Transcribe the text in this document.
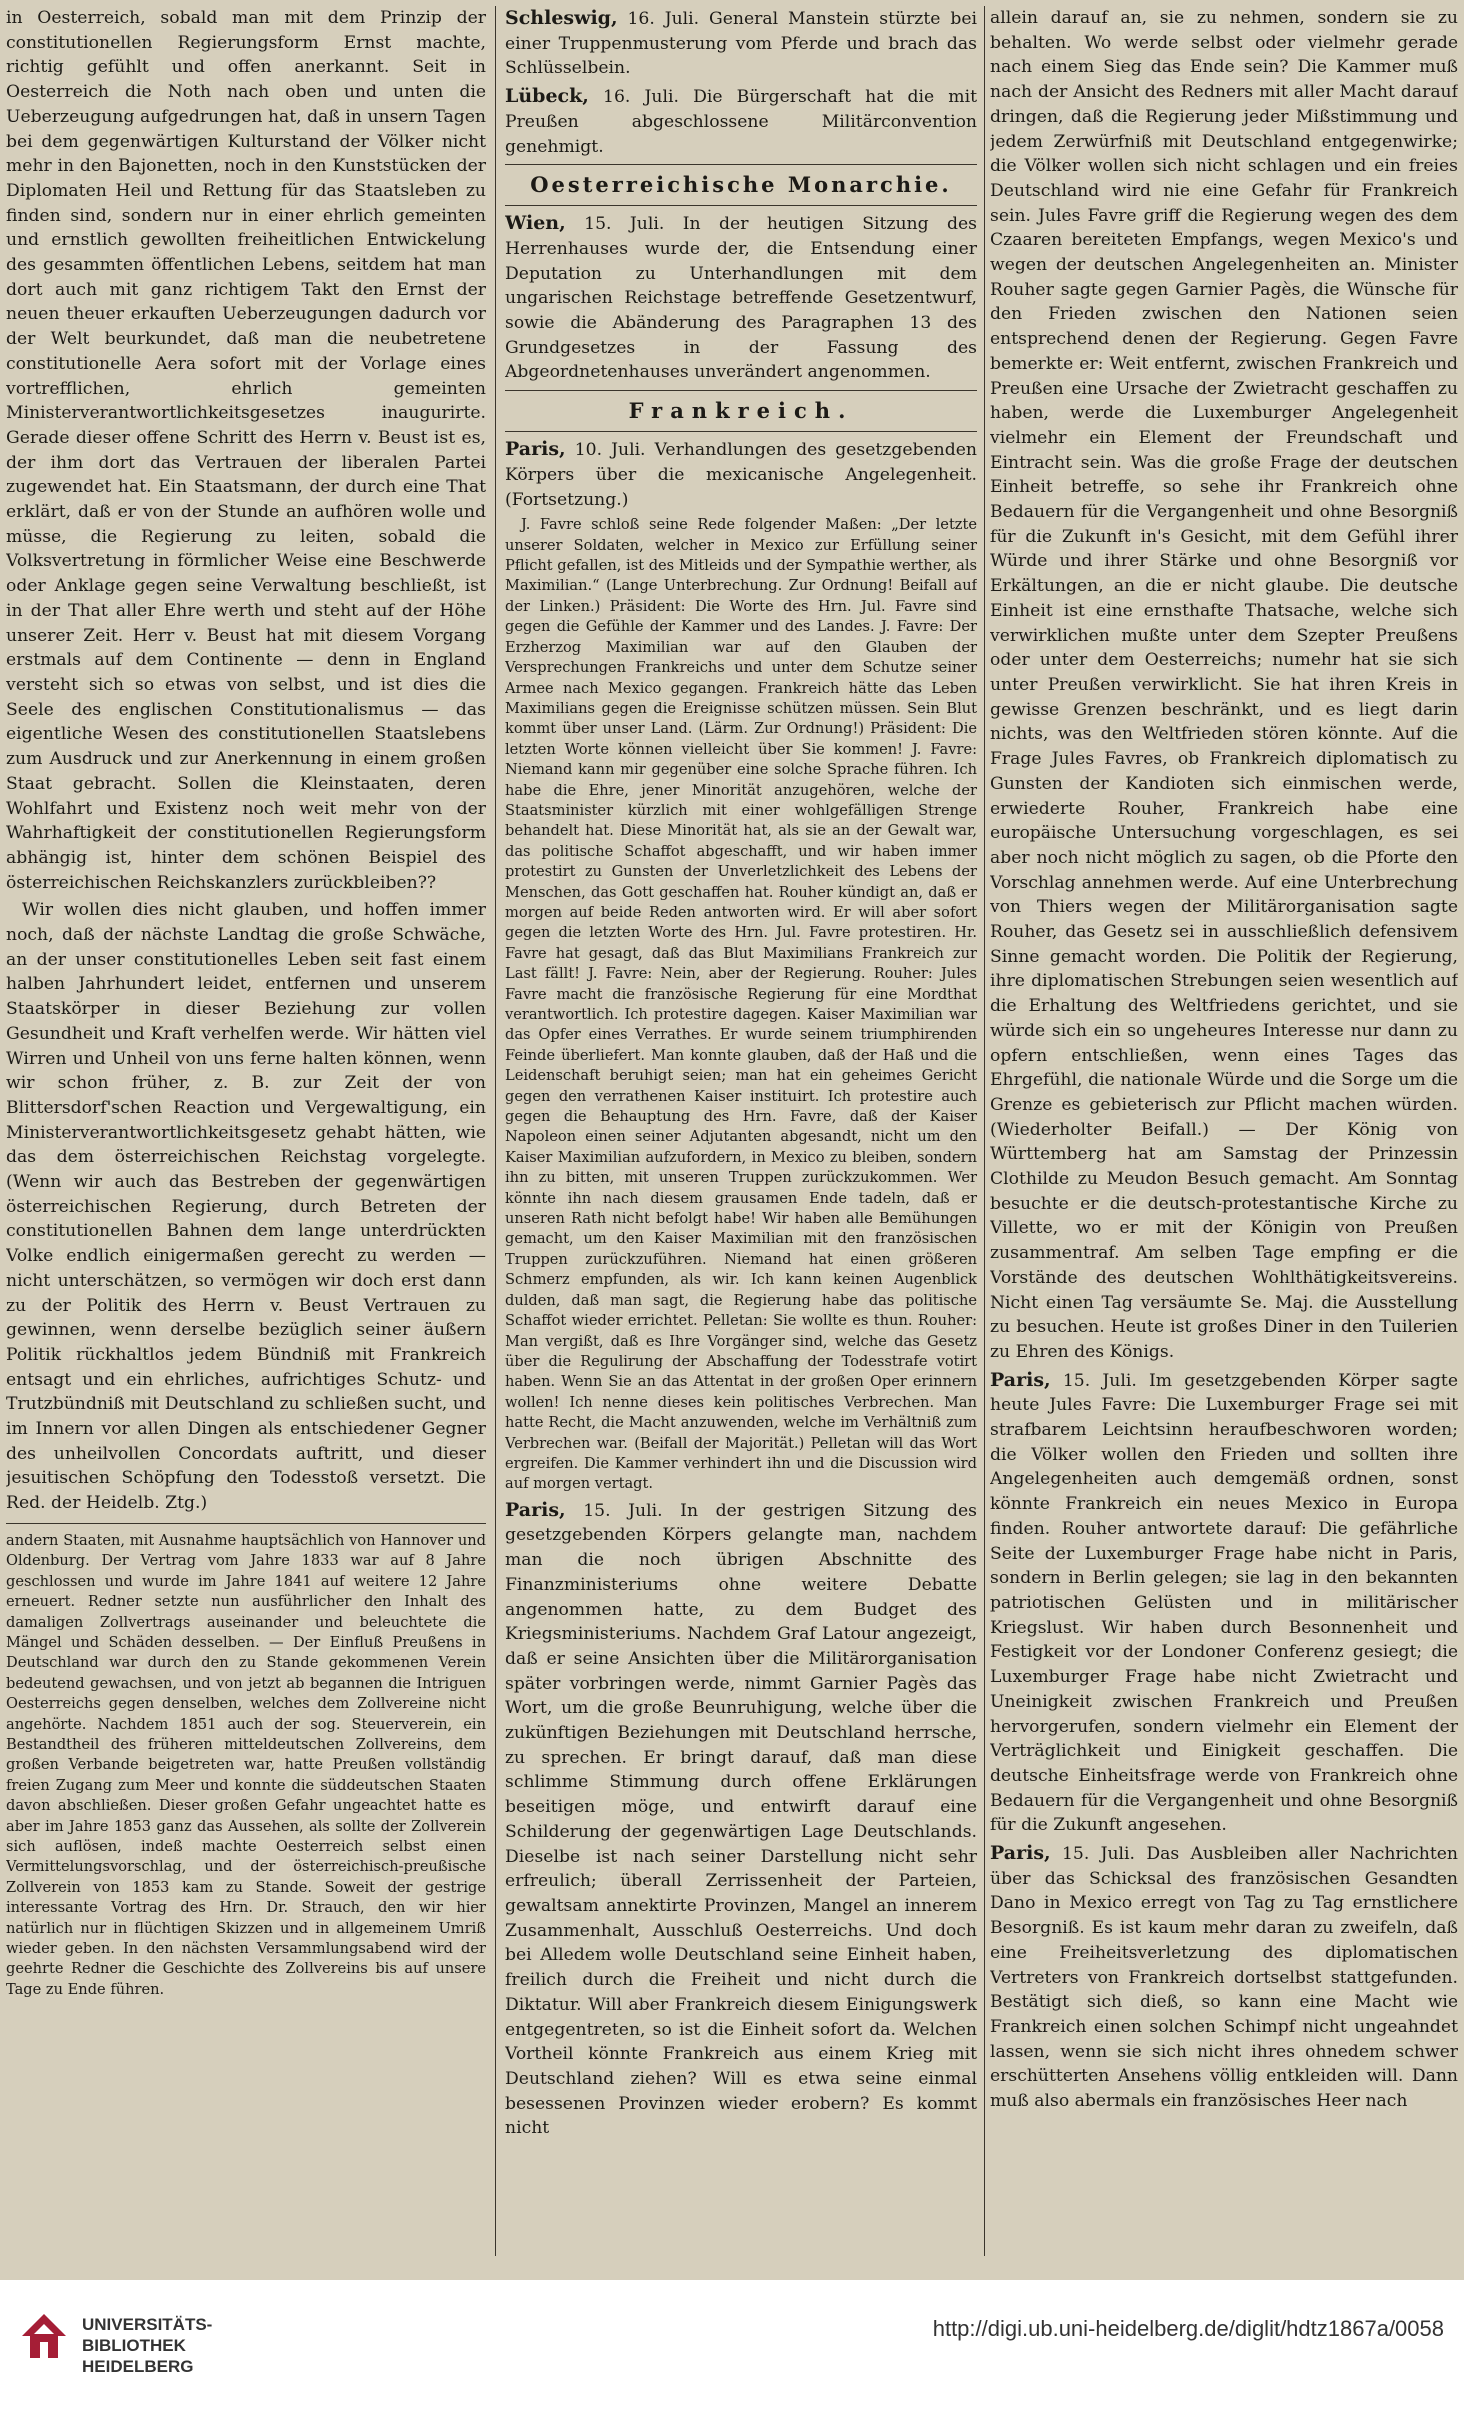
in Oesterreich, sobald man mit dem Prinzip der constitutionellen Regierungsform Ernst machte, richtig gefühlt und offen anerkannt. Seit in Oesterreich die Noth nach oben und unten die Ueberzeugung aufgedrungen hat, daß in unsern Tagen bei dem gegenwärtigen Kulturstand der Völker nicht mehr in den Bajonetten, noch in den Kunststücken der Diplomaten Heil und Rettung für das Staatsleben zu finden sind, sondern nur in einer ehrlich gemeinten und ernstlich gewollten freiheitlichen Entwickelung des gesammten öffentlichen Lebens, seitdem hat man dort auch mit ganz richtigem Takt den Ernst der neuen theuer erkauften Ueberzeugungen dadurch vor der Welt beurkundet, daß man die neubetretene constitutionelle Aera sofort mit der Vorlage eines vortrefflichen, ehrlich gemeinten Ministerverantwortlichkeitsgesetzes inaugurirte. Gerade dieser offene Schritt des Herrn v. Beust ist es, der ihm dort das Vertrauen der liberalen Partei zugewendet hat. Ein Staatsmann, der durch eine That erklärt, daß er von der Stunde an aufhören wolle und müsse, die Regierung zu leiten, sobald die Volksvertretung in förmlicher Weise eine Beschwerde oder Anklage gegen seine Verwaltung beschließt, ist in der That aller Ehre werth und steht auf der Höhe unserer Zeit. Herr v. Beust hat mit diesem Vorgang erstmals auf dem Continente — denn in England versteht sich so etwas von selbst, und ist dies die Seele des englischen Constitutionalismus — das eigentliche Wesen des constitutionellen Staatslebens zum Ausdruck und zur Anerkennung in einem großen Staat gebracht. Sollen die Kleinstaaten, deren Wohlfahrt und Existenz noch weit mehr von der Wahrhaftigkeit der constitutionellen Regierungsform abhängig ist, hinter dem schönen Beispiel des österreichischen Reichskanzlers zurückbleiben??

Wir wollen dies nicht glauben, und hoffen immer noch, daß der nächste Landtag die große Schwäche, an der unser constitutionelles Leben seit fast einem halben Jahrhundert leidet, entfernen und unserem Staatskörper in dieser Beziehung zur vollen Gesundheit und Kraft verhelfen werde. Wir hätten viel Wirren und Unheil von uns ferne halten können, wenn wir schon früher, z. B. zur Zeit der von Blittersdorf'schen Reaction und Vergewaltigung, ein Ministerverantwortlichkeitsgesetz gehabt hätten, wie das dem österreichischen Reichstag vorgelegte. (Wenn wir auch das Bestreben der gegenwärtigen österreichischen Regierung, durch Betreten der constitutionellen Bahnen dem lange unterdrückten Volke endlich einigermaßen gerecht zu werden — nicht unterschätzen, so vermögen wir doch erst dann zu der Politik des Herrn v. Beust Vertrauen zu gewinnen, wenn derselbe bezüglich seiner äußern Politik rückhaltlos jedem Bündniß mit Frankreich entsagt und ein ehrliches, aufrichtiges Schutz- und Trutzbündniß mit Deutschland zu schließen sucht, und im Innern vor allen Dingen als entschiedener Gegner des unheilvollen Concordats auftritt, und dieser jesuitischen Schöpfung den Todesstoß versetzt. Die Red. der Heidelb. Ztg.)

andern Staaten, mit Ausnahme hauptsächlich von Hannover und Oldenburg. Der Vertrag vom Jahre 1833 war auf 8 Jahre geschlossen und wurde im Jahre 1841 auf weitere 12 Jahre erneuert. Redner setzte nun ausführlicher den Inhalt des damaligen Zollvertrags auseinander und beleuchtete die Mängel und Schäden desselben. — Der Einfluß Preußens in Deutschland war durch den zu Stande gekommenen Verein bedeutend gewachsen, und von jetzt ab begannen die Intriguen Oesterreichs gegen denselben, welches dem Zollvereine nicht angehörte. Nachdem 1851 auch der sog. Steuerverein, ein Bestandtheil des früheren mitteldeutschen Zollvereins, dem großen Verbande beigetreten war, hatte Preußen vollständig freien Zugang zum Meer und konnte die süddeutschen Staaten davon abschließen. Dieser großen Gefahr ungeachtet hatte es aber im Jahre 1853 ganz das Aussehen, als sollte der Zollverein sich auflösen, indeß machte Oesterreich selbst einen Vermittelungsvorschlag, und der österreichisch-preußische Zollverein von 1853 kam zu Stande. Soweit der gestrige interessante Vortrag des Hrn. Dr. Strauch, den wir hier natürlich nur in flüchtigen Skizzen und in allgemeinem Umriß wieder geben. In den nächsten Versammlungsabend wird der geehrte Redner die Geschichte des Zollvereins bis auf unsere Tage zu Ende führen.

Schleswig, 16. Juli. General Manstein stürzte bei einer Truppenmusterung vom Pferde und brach das Schlüsselbein.

Lübeck, 16. Juli. Die Bürgerschaft hat die mit Preußen abgeschlossene Militärconvention genehmigt.

Oesterreichische Monarchie.

Wien, 15. Juli. In der heutigen Sitzung des Herrenhauses wurde der, die Entsendung einer Deputation zu Unterhandlungen mit dem ungarischen Reichstage betreffende Gesetzentwurf, sowie die Abänderung des Paragraphen 13 des Grundgesetzes in der Fassung des Abgeordnetenhauses unverändert angenommen.

Frankreich.

Paris, 10. Juli. Verhandlungen des gesetzgebenden Körpers über die mexicanische Angelegenheit. (Fortsetzung.)

J. Favre schloß seine Rede folgender Maßen: „Der letzte unserer Soldaten, welcher in Mexico zur Erfüllung seiner Pflicht gefallen, ist des Mitleids und der Sympathie werther, als Maximilian.“ (Lange Unterbrechung. Zur Ordnung! Beifall auf der Linken.) Präsident: Die Worte des Hrn. Jul. Favre sind gegen die Gefühle der Kammer und des Landes. J. Favre: Der Erzherzog Maximilian war auf den Glauben der Versprechungen Frankreichs und unter dem Schutze seiner Armee nach Mexico gegangen. Frankreich hätte das Leben Maximilians gegen die Ereignisse schützen müssen. Sein Blut kommt über unser Land. (Lärm. Zur Ordnung!) Präsident: Die letzten Worte können vielleicht über Sie kommen! J. Favre: Niemand kann mir gegenüber eine solche Sprache führen. Ich habe die Ehre, jener Minorität anzugehören, welche der Staatsminister kürzlich mit einer wohlgefälligen Strenge behandelt hat. Diese Minorität hat, als sie an der Gewalt war, das politische Schaffot abgeschafft, und wir haben immer protestirt zu Gunsten der Unverletzlichkeit des Lebens der Menschen, das Gott geschaffen hat. Rouher kündigt an, daß er morgen auf beide Reden antworten wird. Er will aber sofort gegen die letzten Worte des Hrn. Jul. Favre protestiren. Hr. Favre hat gesagt, daß das Blut Maximilians Frankreich zur Last fällt! J. Favre: Nein, aber der Regierung. Rouher: Jules Favre macht die französische Regierung für eine Mordthat verantwortlich. Ich protestire dagegen. Kaiser Maximilian war das Opfer eines Verrathes. Er wurde seinem triumphirenden Feinde überliefert. Man konnte glauben, daß der Haß und die Leidenschaft beruhigt seien; man hat ein geheimes Gericht gegen den verrathenen Kaiser instituirt. Ich protestire auch gegen die Behauptung des Hrn. Favre, daß der Kaiser Napoleon einen seiner Adjutanten abgesandt, nicht um den Kaiser Maximilian aufzufordern, in Mexico zu bleiben, sondern ihn zu bitten, mit unseren Truppen zurückzukommen. Wer könnte ihn nach diesem grausamen Ende tadeln, daß er unseren Rath nicht befolgt habe! Wir haben alle Bemühungen gemacht, um den Kaiser Maximilian mit den französischen Truppen zurückzuführen. Niemand hat einen größeren Schmerz empfunden, als wir. Ich kann keinen Augenblick dulden, daß man sagt, die Regierung habe das politische Schaffot wieder errichtet. Pelletan: Sie wollte es thun. Rouher: Man vergißt, daß es Ihre Vorgänger sind, welche das Gesetz über die Regulirung der Abschaffung der Todesstrafe votirt haben. Wenn Sie an das Attentat in der großen Oper erinnern wollen! Ich nenne dieses kein politisches Verbrechen. Man hatte Recht, die Macht anzuwenden, welche im Verhältniß zum Verbrechen war. (Beifall der Majorität.) Pelletan will das Wort ergreifen. Die Kammer verhindert ihn und die Discussion wird auf morgen vertagt.

Paris, 15. Juli. In der gestrigen Sitzung des gesetzgebenden Körpers gelangte man, nachdem man die noch übrigen Abschnitte des Finanzministeriums ohne weitere Debatte angenommen hatte, zu dem Budget des Kriegsministeriums. Nachdem Graf Latour angezeigt, daß er seine Ansichten über die Militärorganisation später vorbringen werde, nimmt Garnier Pagès das Wort, um die große Beunruhigung, welche über die zukünftigen Beziehungen mit Deutschland herrsche, zu sprechen. Er bringt darauf, daß man diese schlimme Stimmung durch offene Erklärungen beseitigen möge, und entwirft darauf eine Schilderung der gegenwärtigen Lage Deutschlands. Dieselbe ist nach seiner Darstellung nicht sehr erfreulich; überall Zerrissenheit der Parteien, gewaltsam annektirte Provinzen, Mangel an innerem Zusammenhalt, Ausschluß Oesterreichs. Und doch bei Alledem wolle Deutschland seine Einheit haben, freilich durch die Freiheit und nicht durch die Diktatur. Will aber Frankreich diesem Einigungswerk entgegentreten, so ist die Einheit sofort da. Welchen Vortheil könnte Frankreich aus einem Krieg mit Deutschland ziehen? Will es etwa seine einmal besessenen Provinzen wieder erobern? Es kommt nicht

allein darauf an, sie zu nehmen, sondern sie zu behalten. Wo werde selbst oder vielmehr gerade nach einem Sieg das Ende sein? Die Kammer muß nach der Ansicht des Redners mit aller Macht darauf dringen, daß die Regierung jeder Mißstimmung und jedem Zerwürfniß mit Deutschland entgegenwirke; die Völker wollen sich nicht schlagen und ein freies Deutschland wird nie eine Gefahr für Frankreich sein. Jules Favre griff die Regierung wegen des dem Czaaren bereiteten Empfangs, wegen Mexico's und wegen der deutschen Angelegenheiten an. Minister Rouher sagte gegen Garnier Pagès, die Wünsche für den Frieden zwischen den Nationen seien entsprechend denen der Regierung. Gegen Favre bemerkte er: Weit entfernt, zwischen Frankreich und Preußen eine Ursache der Zwietracht geschaffen zu haben, werde die Luxemburger Angelegenheit vielmehr ein Element der Freundschaft und Eintracht sein. Was die große Frage der deutschen Einheit betreffe, so sehe ihr Frankreich ohne Bedauern für die Vergangenheit und ohne Besorgniß für die Zukunft in's Gesicht, mit dem Gefühl ihrer Würde und ihrer Stärke und ohne Besorgniß vor Erkältungen, an die er nicht glaube. Die deutsche Einheit ist eine ernsthafte Thatsache, welche sich verwirklichen mußte unter dem Szepter Preußens oder unter dem Oesterreichs; numehr hat sie sich unter Preußen verwirklicht. Sie hat ihren Kreis in gewisse Grenzen beschränkt, und es liegt darin nichts, was den Weltfrieden stören könnte. Auf die Frage Jules Favres, ob Frankreich diplomatisch zu Gunsten der Kandioten sich einmischen werde, erwiederte Rouher, Frankreich habe eine europäische Untersuchung vorgeschlagen, es sei aber noch nicht möglich zu sagen, ob die Pforte den Vorschlag annehmen werde. Auf eine Unterbrechung von Thiers wegen der Militärorganisation sagte Rouher, das Gesetz sei in ausschließlich defensivem Sinne gemacht worden. Die Politik der Regierung, ihre diplomatischen Strebungen seien wesentlich auf die Erhaltung des Weltfriedens gerichtet, und sie würde sich ein so ungeheures Interesse nur dann zu opfern entschließen, wenn eines Tages das Ehrgefühl, die nationale Würde und die Sorge um die Grenze es gebieterisch zur Pflicht machen würden. (Wiederholter Beifall.) — Der König von Württemberg hat am Samstag der Prinzessin Clothilde zu Meudon Besuch gemacht. Am Sonntag besuchte er die deutsch-protestantische Kirche zu Villette, wo er mit der Königin von Preußen zusammentraf. Am selben Tage empfing er die Vorstände des deutschen Wohlthätigkeitsvereins. Nicht einen Tag versäumte Se. Maj. die Ausstellung zu besuchen. Heute ist großes Diner in den Tuilerien zu Ehren des Königs.

Paris, 15. Juli. Im gesetzgebenden Körper sagte heute Jules Favre: Die Luxemburger Frage sei mit strafbarem Leichtsinn heraufbeschworen worden; die Völker wollen den Frieden und sollten ihre Angelegenheiten auch demgemäß ordnen, sonst könnte Frankreich ein neues Mexico in Europa finden. Rouher antwortete darauf: Die gefährliche Seite der Luxemburger Frage habe nicht in Paris, sondern in Berlin gelegen; sie lag in den bekannten patriotischen Gelüsten und in militärischer Kriegslust. Wir haben durch Besonnenheit und Festigkeit vor der Londoner Conferenz gesiegt; die Luxemburger Frage habe nicht Zwietracht und Uneinigkeit zwischen Frankreich und Preußen hervorgerufen, sondern vielmehr ein Element der Verträglichkeit und Einigkeit geschaffen. Die deutsche Einheitsfrage werde von Frankreich ohne Bedauern für die Vergangenheit und ohne Besorgniß für die Zukunft angesehen.

Paris, 15. Juli. Das Ausbleiben aller Nachrichten über das Schicksal des französischen Gesandten Dano in Mexico erregt von Tag zu Tag ernstlichere Besorgniß. Es ist kaum mehr daran zu zweifeln, daß eine Freiheitsverletzung des diplomatischen Vertreters von Frankreich dortselbst stattgefunden. Bestätigt sich dieß, so kann eine Macht wie Frankreich einen solchen Schimpf nicht ungeahndet lassen, wenn sie sich nicht ihres ohnedem schwer erschütterten Ansehens völlig entkleiden will. Dann muß also abermals ein französisches Heer nach

UNIVERSITÄTS-
BIBLIOTHEK
HEIDELBERG
http://digi.ub.uni-heidelberg.de/diglit/hdtz1867a/0058
